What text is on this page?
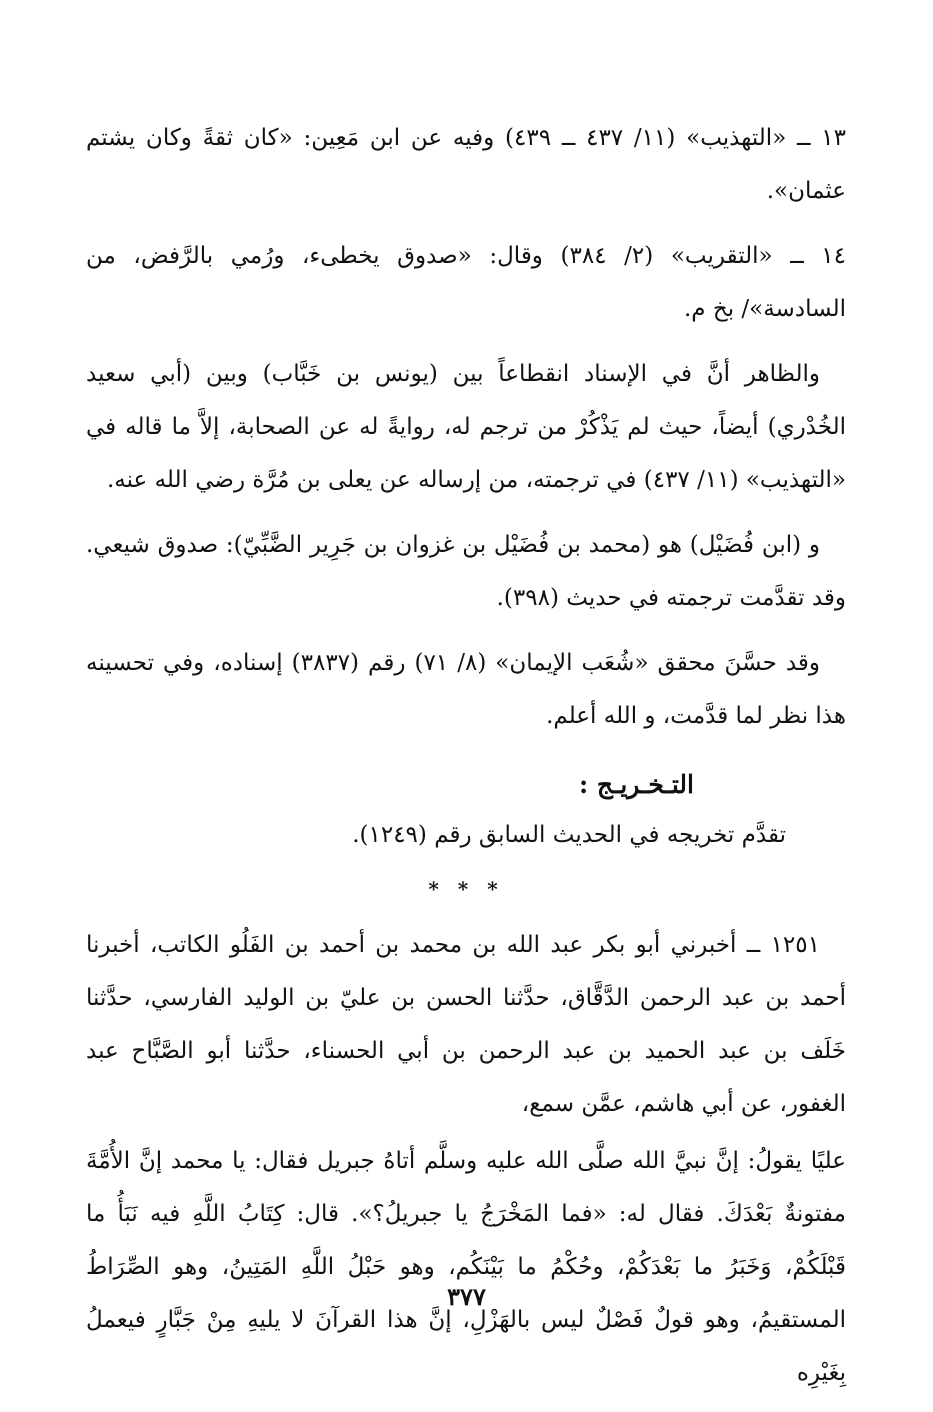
١٣ ــ «التهذيب» (١١/ ٤٣٧ ــ ٤٣٩) وفيه عن ابن مَعِين: «كان ثقةً وكان يشتم عثمان».

١٤ ــ «التقريب» (٢/ ٣٨٤) وقال: «صدوق يخطىء، ورُمي بالرَّفض، من السادسة»/ بخ م.

والظاهر أنَّ في الإسناد انقطاعاً بين (يونس بن خَبَّاب) وبين (أبي سعيد الخُدْري) أيضاً، حيث لم يَذْكُرْ من ترجم له، روايةً له عن الصحابة، إلاَّ ما قاله في «التهذيب» (١١/ ٤٣٧) في ترجمته، من إرساله عن يعلى بن مُرَّة رضي الله عنه.

و (ابن فُضَيْل) هو (محمد بن فُضَيْل بن غزوان بن جَرِير الضَّبِّيّ): صدوق شيعي. وقد تقدَّمت ترجمته في حديث (٣٩٨).

وقد حسَّنَ محقق «شُعَب الإيمان» (٨/ ٧١) رقم (٣٨٣٧) إسناده، وفي تحسينه هذا نظر لما قدَّمت، و الله أعلم.

التـخـريـج :
تقدَّم تخريجه في الحديث السابق رقم (١٢٤٩).
* * *

١٢٥١ ــ أخبرني أبو بكر عبد الله بن محمد بن أحمد بن الفَلُو الكاتب، أخبرنا أحمد بن عبد الرحمن الدَّقَّاق، حدَّثنا الحسن بن عليّ بن الوليد الفارسي، حدَّثنا خَلَف بن عبد الحميد بن عبد الرحمن بن أبي الحسناء، حدَّثنا أبو الصَّبَّاح عبد الغفور، عن أبي هاشم، عمَّن سمع،

عليًا يقولُ: إنَّ نبيَّ الله صلَّى الله عليه وسلَّم أتاهُ جبريل فقال: يا محمد إنَّ الأُمَّةَ مفتونةٌ بَعْدَكَ. فقال له: «فما المَخْرَجُ يا جبريلُ؟». قال: كِتَابُ اللَّهِ فيه نَبَأُ ما قَبْلَكُمْ، وَخَبَرُ ما بَعْدَكُمْ، وحُكْمُ ما بَيْنَكُم، وهو حَبْلُ اللَّهِ المَتِينُ، وهو الصِّرَاطُ المستقيمُ، وهو قولٌ فَصْلٌ ليس بالهَزْلِ، إنَّ هذا القرآنَ لا يليهِ مِنْ جَبَّارٍ فيعملُ بِغَيْرِه

٣٧٧
